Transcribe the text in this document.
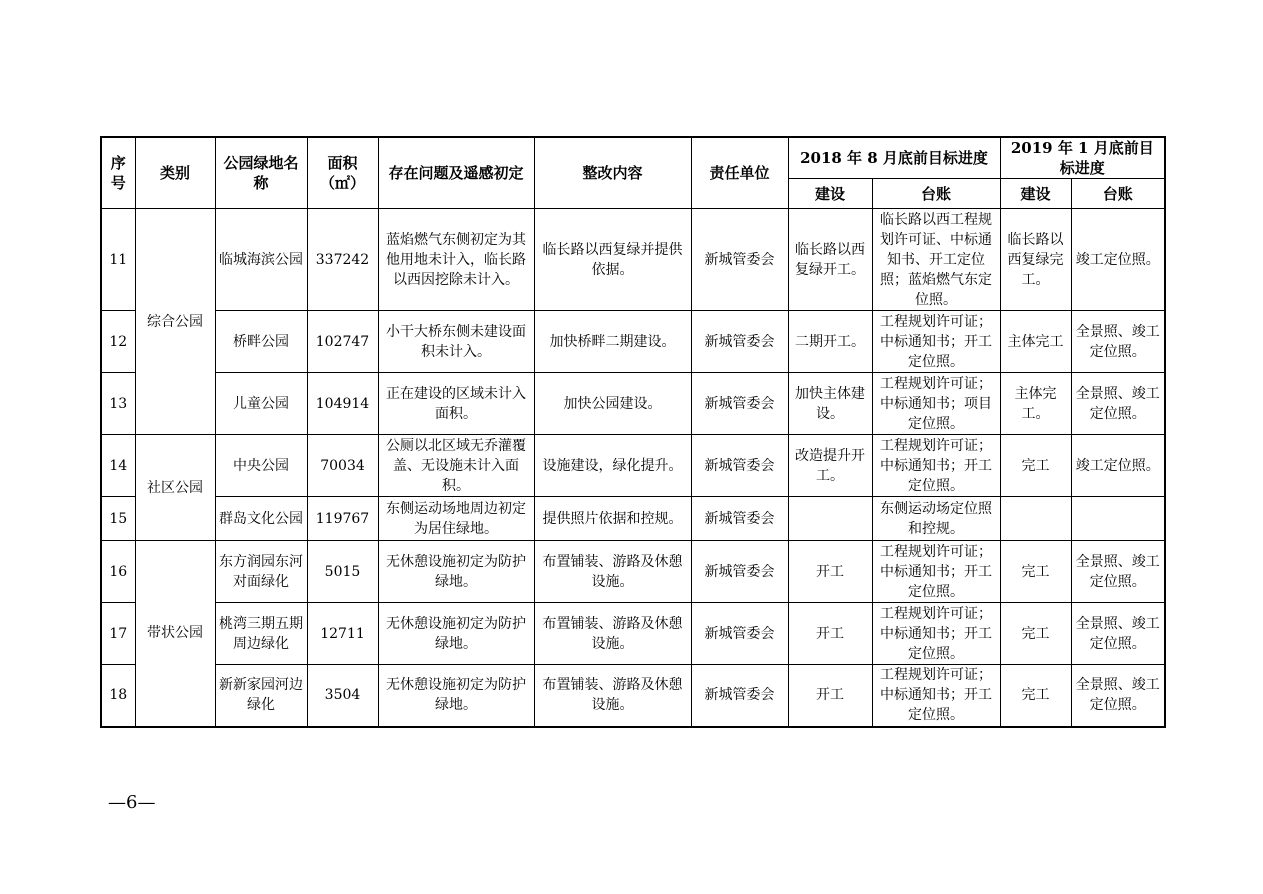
序号	类别	公园绿地名称	面积（㎡）	存在问题及遥感初定	整改内容	责任单位	2018 年 8 月底前目标进度		2019 年 1 月底前目标进度	
							建设	台账	建设	台账
11	综合公园	临城海滨公园	337242	蓝焰燃气东侧初定为其他用地未计入，临长路以西因挖除未计入。	临长路以西复绿并提供依据。	新城管委会	临长路以西复绿开工。	临长路以西工程规划许可证、中标通知书、开工定位照；蓝焰燃气东定位照。	临长路以西复绿完工。	竣工定位照。
12		桥畔公园	102747	小干大桥东侧未建设面积未计入。	加快桥畔二期建设。	新城管委会	二期开工。	工程规划许可证；中标通知书；开工定位照。	主体完工	全景照、竣工定位照。
13		儿童公园	104914	正在建设的区域未计入面积。	加快公园建设。	新城管委会	加快主体建设。	工程规划许可证；中标通知书；项目定位照。	主体完工。	全景照、竣工定位照。
14	社区公园	中央公园	70034	公厕以北区域无乔灌覆盖、无设施未计入面积。	设施建设，绿化提升。	新城管委会	改造提升开工。	工程规划许可证；中标通知书；开工定位照。	完工	竣工定位照。
15		群岛文化公园	119767	东侧运动场地周边初定为居住绿地。	提供照片依据和控规。	新城管委会		东侧运动场定位照和控规。		
16	带状公园	东方润园东河对面绿化	5015	无休憩设施初定为防护绿地。	布置铺装、游路及休憩设施。	新城管委会	开工	工程规划许可证；中标通知书；开工定位照。	完工	全景照、竣工定位照。
17		桃湾三期五期周边绿化	12711	无休憩设施初定为防护绿地。	布置铺装、游路及休憩设施。	新城管委会	开工	工程规划许可证；中标通知书；开工定位照。	完工	全景照、竣工定位照。
18		新新家园河边绿化	3504	无休憩设施初定为防护绿地。	布置铺装、游路及休憩设施。	新城管委会	开工	工程规划许可证；中标通知书；开工定位照。	完工	全景照、竣工定位照。
—6—
